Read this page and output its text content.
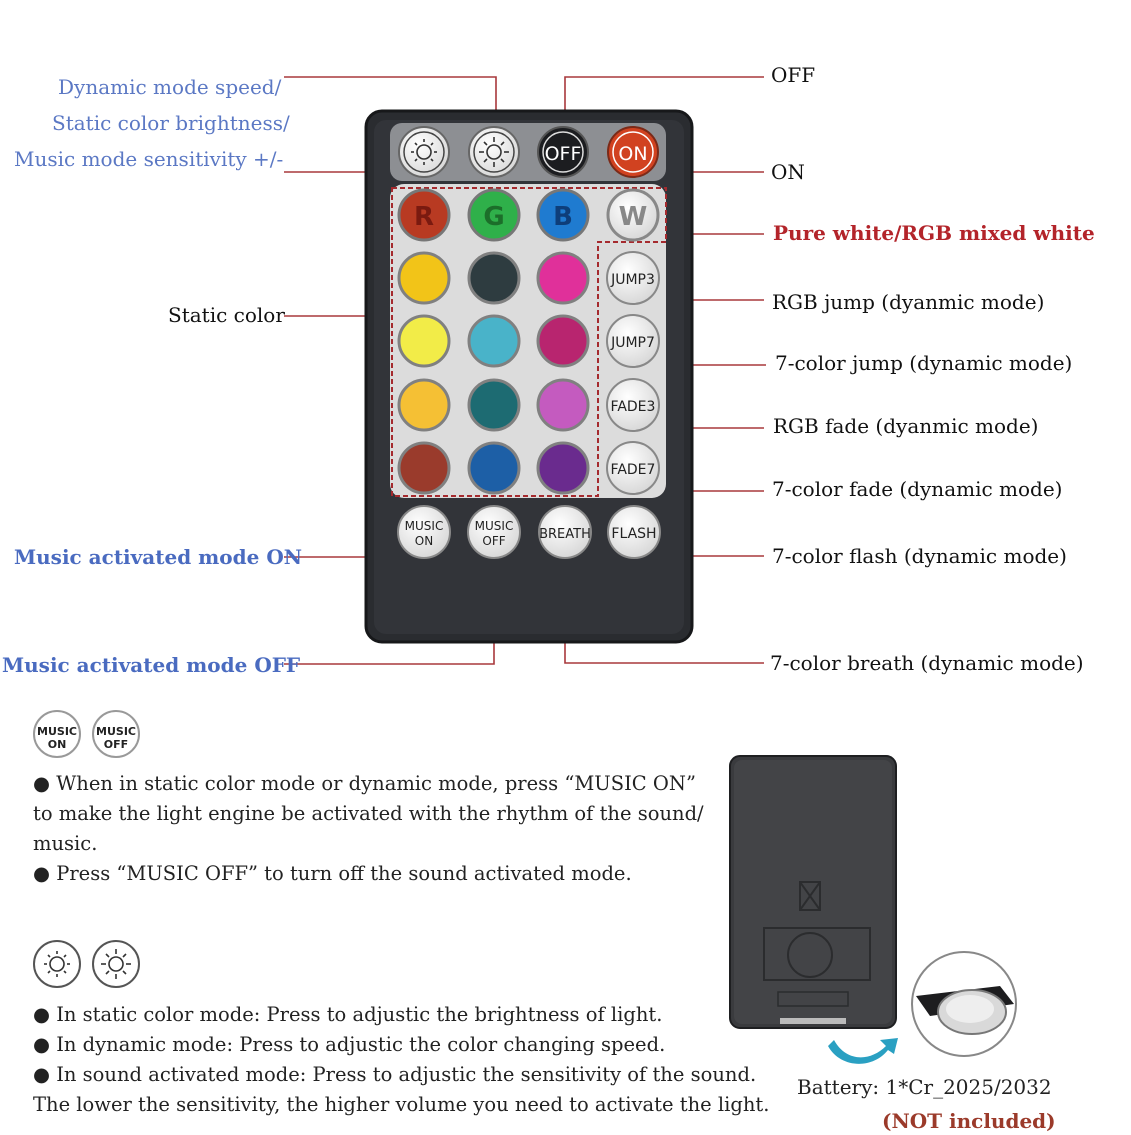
OFF ON
R G B W
JUMP3
JUMP7
FADE3
FADE7
MUSIC
ON
MUSIC
OFF	BREATH FLASH
Dynamic mode speed/
Static color brightness/
Music mode sensitivity +/-
Static color
Music activated mode ON
Music activated mode OFF
OFF
ON
Pure white/RGB mixed white
RGB jump (dyanmic mode)
7-color jump (dynamic mode)
RGB fade (dyanmic mode)
7-color fade (dynamic mode)
7-color flash (dynamic mode)
7-color breath (dynamic mode)
MUSIC
ON
MUSIC
OFF
● When in static color mode or dynamic mode, press “MUSIC ON”
to make the light engine be activated with the rhythm of the sound/
music.
● Press “MUSIC OFF” to turn off the sound activated mode.
● In static color mode: Press to adjustic the brightness of light.
● In dynamic mode: Press to adjustic the color changing speed.
● In sound activated mode: Press to adjustic the sensitivity of the sound.
The lower the sensitivity, the higher volume you need to activate the light.
Battery: 1*Cr_2025/2032
(NOT included)
